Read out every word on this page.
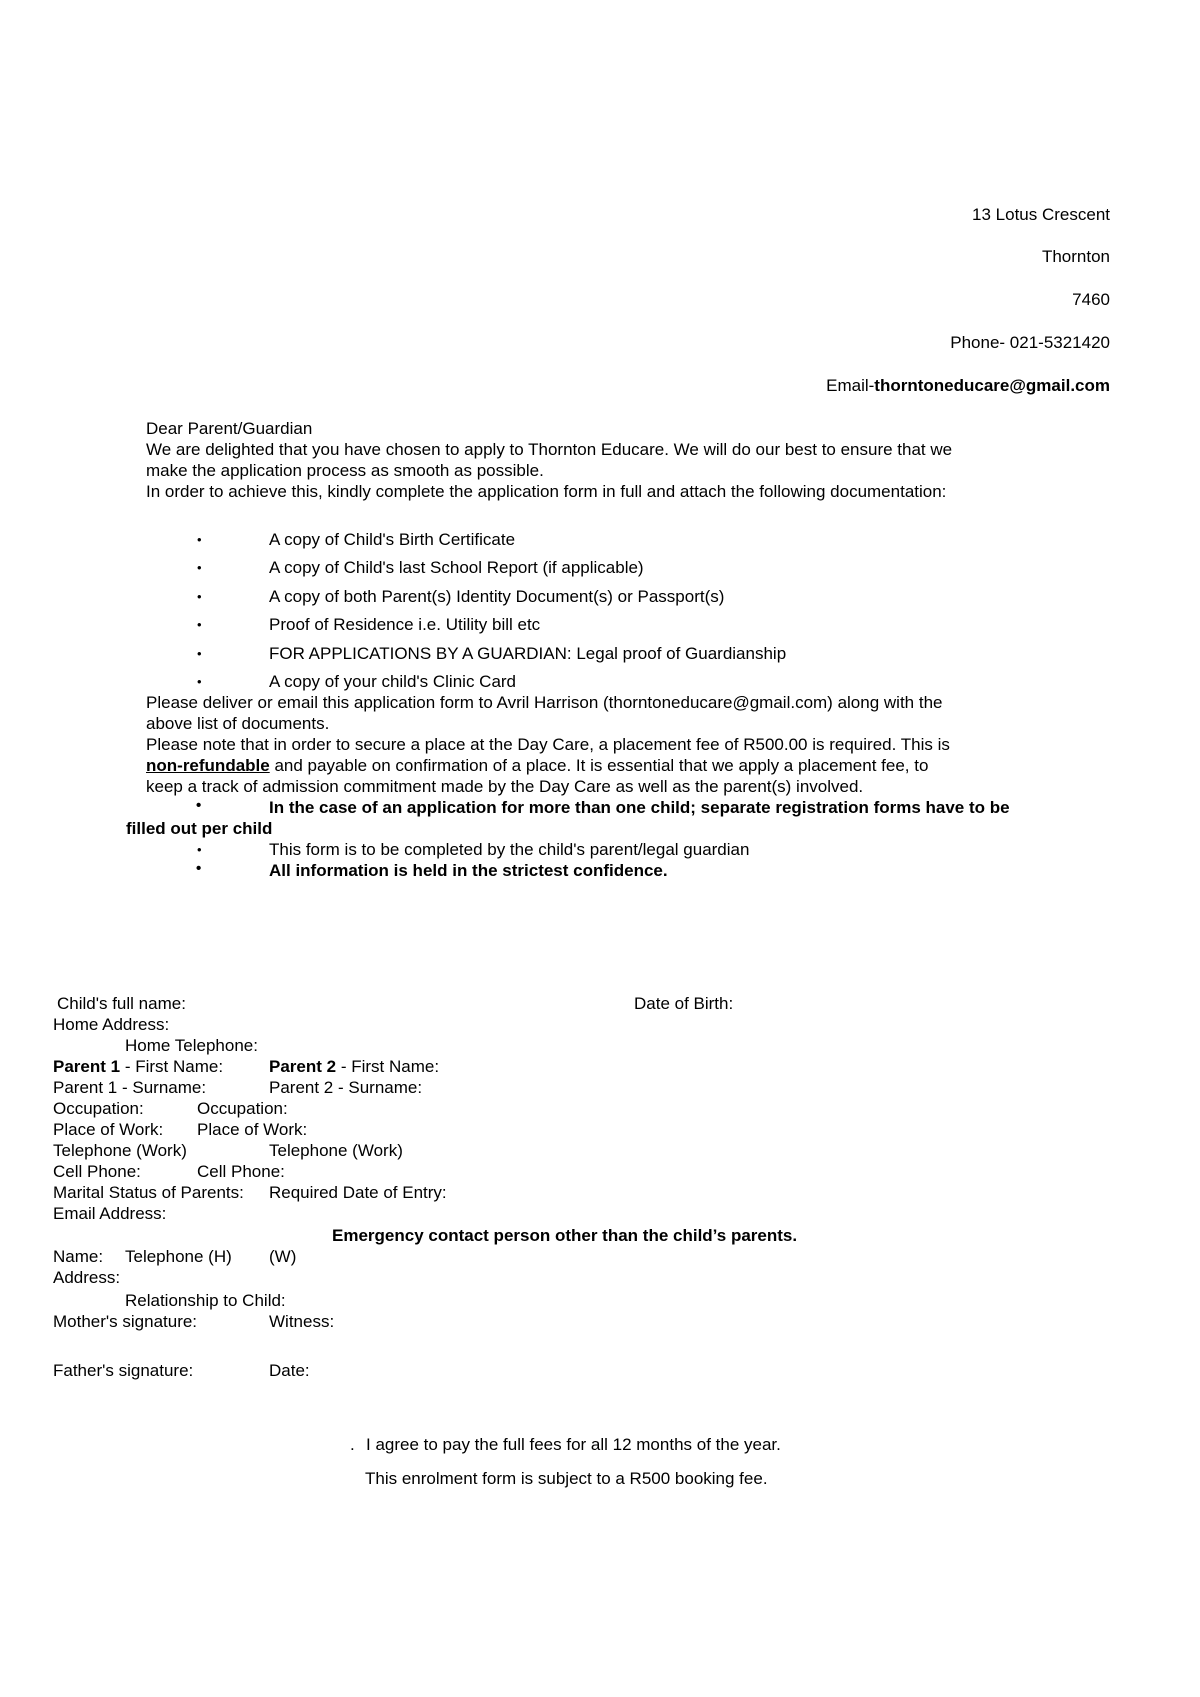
13 Lotus Crescent
Thornton
7460
Phone- 021-5321420
Email-thorntoneducare@gmail.com
Dear Parent/Guardian
We are delighted that you have chosen to apply to Thornton Educare. We will do our best to ensure that we
make the application process as smooth as possible.
In order to achieve this, kindly complete the application form in full and attach the following documentation:
•	A copy of Child's Birth Certificate
•	A copy of Child's last School Report (if applicable)
•	A copy of both Parent(s) Identity Document(s) or Passport(s)
•	Proof of Residence i.e. Utility bill etc
•	FOR APPLICATIONS BY A GUARDIAN: Legal proof of Guardianship
•	A copy of your child's Clinic Card
Please deliver or email this application form to Avril Harrison (thorntoneducare@gmail.com) along with the
above list of documents.
Please note that in order to secure a place at the Day Care, a placement fee of R500.00 is required. This is
non-refundable and payable on confirmation of a place. It is essential that we apply a placement fee, to
keep a track of admission commitment made by the Day Care as well as the parent(s) involved.
•	In the case of an application for more than one child; separate registration forms have to be
filled out per child
•	This form is to be completed by the child's parent/legal guardian
•	All information is held in the strictest confidence.
Child's full name:	Date of Birth:
Home Address:
Home Telephone:
Parent 1 - First Name:	Parent 2 - First Name:
Parent 1 - Surname:	Parent 2 - Surname:
Occupation:	Occupation:
Place of Work: Place of Work:
Telephone (Work)	Telephone (Work)
Cell Phone:	Cell Phone:
Marital Status of Parents: Required Date of Entry:
Email Address:
Emergency contact person other than the child’s parents.
Name: Telephone (H) (W)
Address:
Relationship to Child:
Mother's signature:	Witness:
Father's signature:	Date:
. I agree to pay the full fees for all 12 months of the year.
This enrolment form is subject to a R500 booking fee.
